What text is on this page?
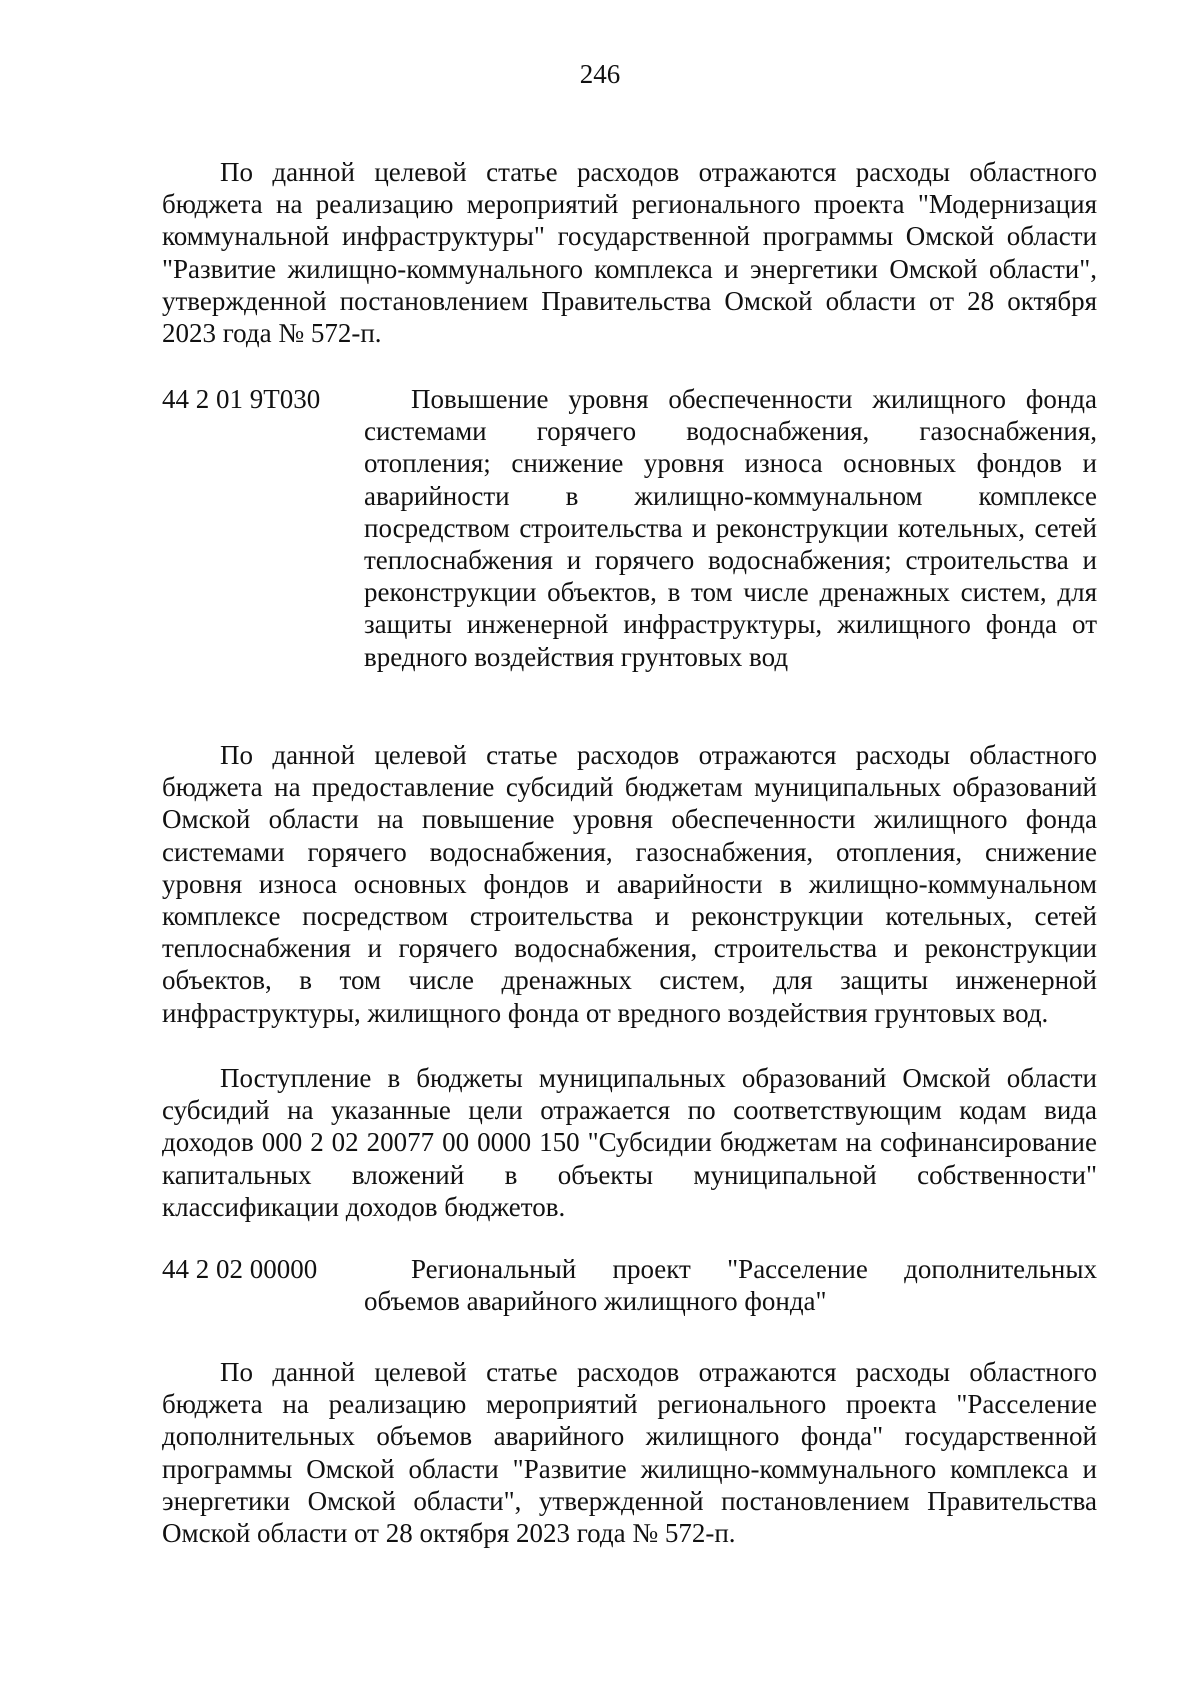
246

По данной целевой статье расходов отражаются расходы областного бюджета на реализацию мероприятий регионального проекта "Модернизация коммунальной инфраструктуры" государственной программы Омской области "Развитие жилищно-коммунального комплекса и энергетики Омской области", утвержденной постановлением Правительства Омской области от 28 октября 2023 года № 572-п.

44 2 01 9Т030	Повышение уровня обеспеченности жилищного фонда системами горячего водоснабжения, газоснабжения, отопления; снижение уровня износа основных фондов и аварийности в жилищно-коммунальном комплексе посредством строительства и реконструкции котельных, сетей теплоснабжения и горячего водоснабжения; строительства и реконструкции объектов, в том числе дренажных систем, для защиты инженерной инфраструктуры, жилищного фонда от вредного воздействия грунтовых вод

По данной целевой статье расходов отражаются расходы областного бюджета на предоставление субсидий бюджетам муниципальных образований Омской области на повышение уровня обеспеченности жилищного фонда системами горячего водоснабжения, газоснабжения, отопления, снижение уровня износа основных фондов и аварийности в жилищно-коммунальном комплексе посредством строительства и реконструкции котельных, сетей теплоснабжения и горячего водоснабжения, строительства и реконструкции объектов, в том числе дренажных систем, для защиты инженерной инфраструктуры, жилищного фонда от вредного воздействия грунтовых вод.

Поступление в бюджеты муниципальных образований Омской области субсидий на указанные цели отражается по соответствующим кодам вида доходов 000 2 02 20077 00 0000 150 "Субсидии бюджетам на софинансирование капитальных вложений в объекты муниципальной собственности" классификации доходов бюджетов.

44 2 02 00000	Региональный проект "Расселение дополнительных объемов аварийного жилищного фонда"

По данной целевой статье расходов отражаются расходы областного бюджета на реализацию мероприятий регионального проекта "Расселение дополнительных объемов аварийного жилищного фонда" государственной программы Омской области "Развитие жилищно-коммунального комплекса и энергетики Омской области", утвержденной постановлением Правительства Омской области от 28 октября 2023 года № 572-п.
